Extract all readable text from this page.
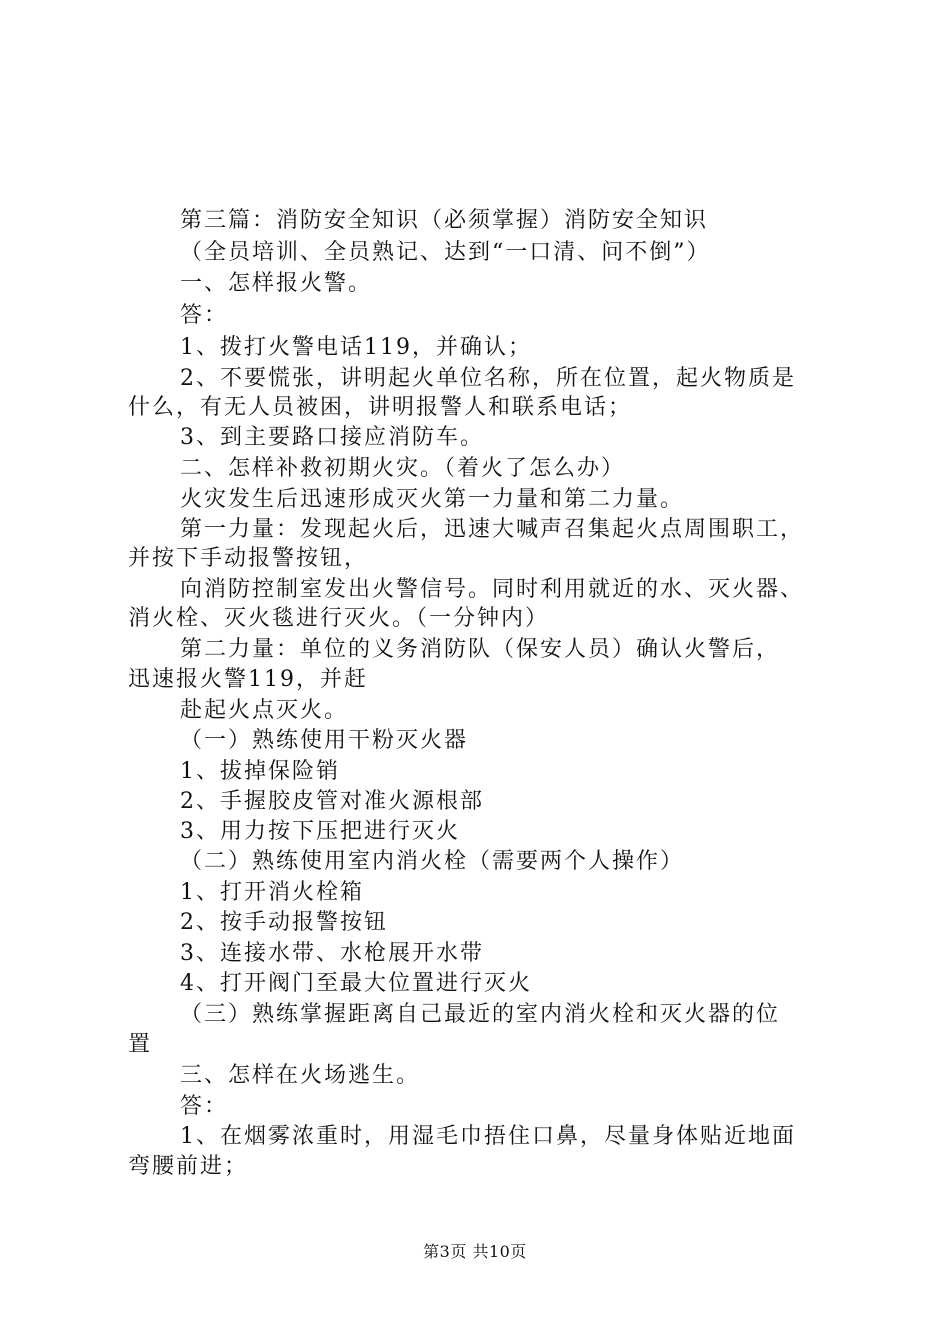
第三篇：消防安全知识（必须掌握）消防安全知识
（全员培训、全员熟记、达到“一口清、问不倒”）
一、怎样报火警。
答：
1、拨打火警电话119，并确认；
2、不要慌张，讲明起火单位名称，所在位置，起火物质是
什么，有无人员被困，讲明报警人和联系电话；
3、到主要路口接应消防车。
二、怎样补救初期火灾。（着火了怎么办）
火灾发生后迅速形成灭火第一力量和第二力量。
第一力量：发现起火后，迅速大喊声召集起火点周围职工，
并按下手动报警按钮，
向消防控制室发出火警信号。同时利用就近的水、灭火器、
消火栓、灭火毯进行灭火。（一分钟内）
第二力量：单位的义务消防队（保安人员）确认火警后，
迅速报火警119，并赶
赴起火点灭火。
（一）熟练使用干粉灭火器
1、拔掉保险销
2、手握胶皮管对准火源根部
3、用力按下压把进行灭火
（二）熟练使用室内消火栓（需要两个人操作）
1、打开消火栓箱
2、按手动报警按钮
3、连接水带、水枪展开水带
4、打开阀门至最大位置进行灭火
（三）熟练掌握距离自己最近的室内消火栓和灭火器的位
置
三、怎样在火场逃生。
答：
1、在烟雾浓重时，用湿毛巾捂住口鼻，尽量身体贴近地面
弯腰前进；
第3页 共10页
